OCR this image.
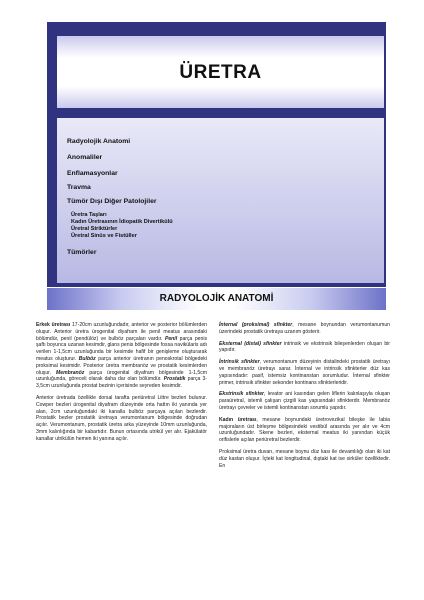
ÜRETRA

Radyolojik Anatomi

Anomaliler

Enflamasyonlar

Travma

Tümör Dışı Diğer Patolojiler

Üretra Taşları

Kadın Üretrasının İdiopatik Divertikülü

Üretral Striktürler

Üretral Sinüs ve Fistüller

Tümörler

RADYOLOJİK ANATOMİ

Erkek üretrası 17-20cm uzunluğundadır, anterior ve posterior bölümlerden oluşur. Anterior üretra ürogenital diyafram ile penil meatus arasındaki bölümdür, penil (pendülöz) ve bulböz parçaları vardır. Penil parça penis şaftı boyunca uzanan kesimdir, glans penis bölgesinde fossa navikülaris adı verilen 1-1,5cm uzunluğunda bir kesimde hafif bir genişleme oluşturarak meatus oluşturur. Bulböz parça anterior üretranın penoskrotal bölgedeki proksimal kesimidir. Posterior üretra membranöz ve prostatik kesimlerden oluşur. Membranöz parça ürogenital diyafram bölgesinde 1-1,5cm uzunluğunda, göreceli olarak daha dar olan bölümdür. Prostatik parça 3-3,5cm uzunluğunda prostat bezinin içerisinde seyreden kesimdir.

Anterior üretrada özellikle dorsal tarafta periüretral Littre bezleri bulunur. Cowper bezleri ürogenital diyafram düzeyinde orta hattın iki yanında yer alan, 2cm uzunluğundaki iki kanalla bulböz parçaya açılan bezlerdir. Prostatik bezler prostatik üretraya verumontanum bölgesinde doğrudan açılır. Verumontanum, prostatik üretra arka yüzeyinde 10mm uzunluğunda, 3mm kalınlığında bir kabartıdır. Bunun ortasında utrikül yer alır. Ejakülatör kanallar utrikülün hemen iki yanına açılır.

İnternal (proksimal) sfinkter, mesane boynundan verumontanumun üzerindeki prostatik üretraya uzanım gösterir.

Eksternal (distal) sfinkter intrinsik ve ekstrinsik bileşenlerden oluşan bir yapıdır.

İntrinsik sfinkter, verumontanum düzeyinin distalindeki prostatik üretrayı ve membranöz üretrayı sarar. İnternal ve intrinsik sfinkterler düz kas yapısındadır: pasif, istemsiz kontinanstan sorumludur. İnternal sfinkter primer, intrinsik sfinkter sekonder kontinans sfinkterleridir.

Ekstrinsik sfinkter, levator ani kasından gelen liflerin kalınlaşıyla oluşan paraüretral, istemli çalışan çizgili kas yapısındaki sfinkterdir. Membranöz üretrayı çevreler ve istemli kontinanstan sorumlu yapıdır.

Kadın üretrası, mesane boynundaki üretrovezikal bileşke ile labia majoraların üst birleşme bölgesindeki vestibül arasında yer alır ve 4cm uzunluğundadır. Skene bezleri, eksternal meatus iki yanından küçük orifislerle açılan periüretral bezlerdir.

Proksimal üretra duvarı, mesane boynu düz kası ile devamlılığı olan iki kat düz kastan oluşur. İçteki kat longitudinal, dıştaki kat ise sirküler özelliktedir. En
